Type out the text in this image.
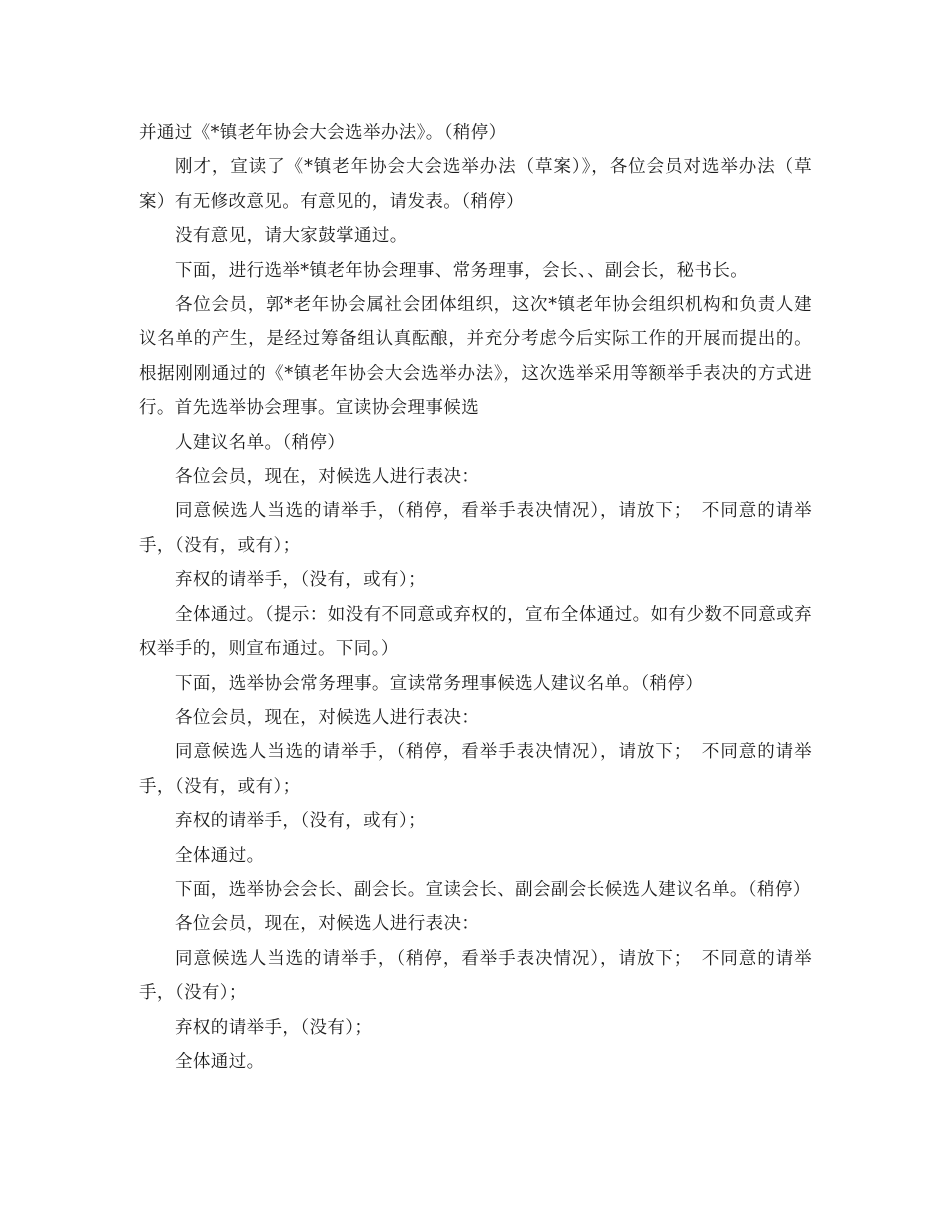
并通过《*镇老年协会大会选举办法》。（稍停）

刚才，宣读了《*镇老年协会大会选举办法（草案）》，各位会员对选举办法（草案）有无修改意见。有意见的，请发表。（稍停）

没有意见，请大家鼓掌通过。

下面，进行选举*镇老年协会理事、常务理事，会长、、副会长，秘书长。

各位会员，郭*老年协会属社会团体组织，这次*镇老年协会组织机构和负责人建议名单的产生，是经过筹备组认真酝酿，并充分考虑今后实际工作的开展而提出的。根据刚刚通过的《*镇老年协会大会选举办法》，这次选举采用等额举手表决的方式进行。首先选举协会理事。宣读协会理事候选

人建议名单。（稍停）

各位会员，现在，对候选人进行表决：

同意候选人当选的请举手，（稍停，看举手表决情况），请放下；　不同意的请举手，（没有，或有）；

弃权的请举手，（没有，或有）；

全体通过。（提示：如没有不同意或弃权的，宣布全体通过。如有少数不同意或弃权举手的，则宣布通过。下同。）

下面，选举协会常务理事。宣读常务理事候选人建议名单。（稍停）

各位会员，现在，对候选人进行表决：

同意候选人当选的请举手，（稍停，看举手表决情况），请放下；　不同意的请举手，（没有，或有）；

弃权的请举手，（没有，或有）；

全体通过。

下面，选举协会会长、副会长。宣读会长、副会副会长候选人建议名单。（稍停）

各位会员，现在，对候选人进行表决：

同意候选人当选的请举手，（稍停，看举手表决情况），请放下；　不同意的请举手，（没有）；

弃权的请举手，（没有）；

全体通过。
